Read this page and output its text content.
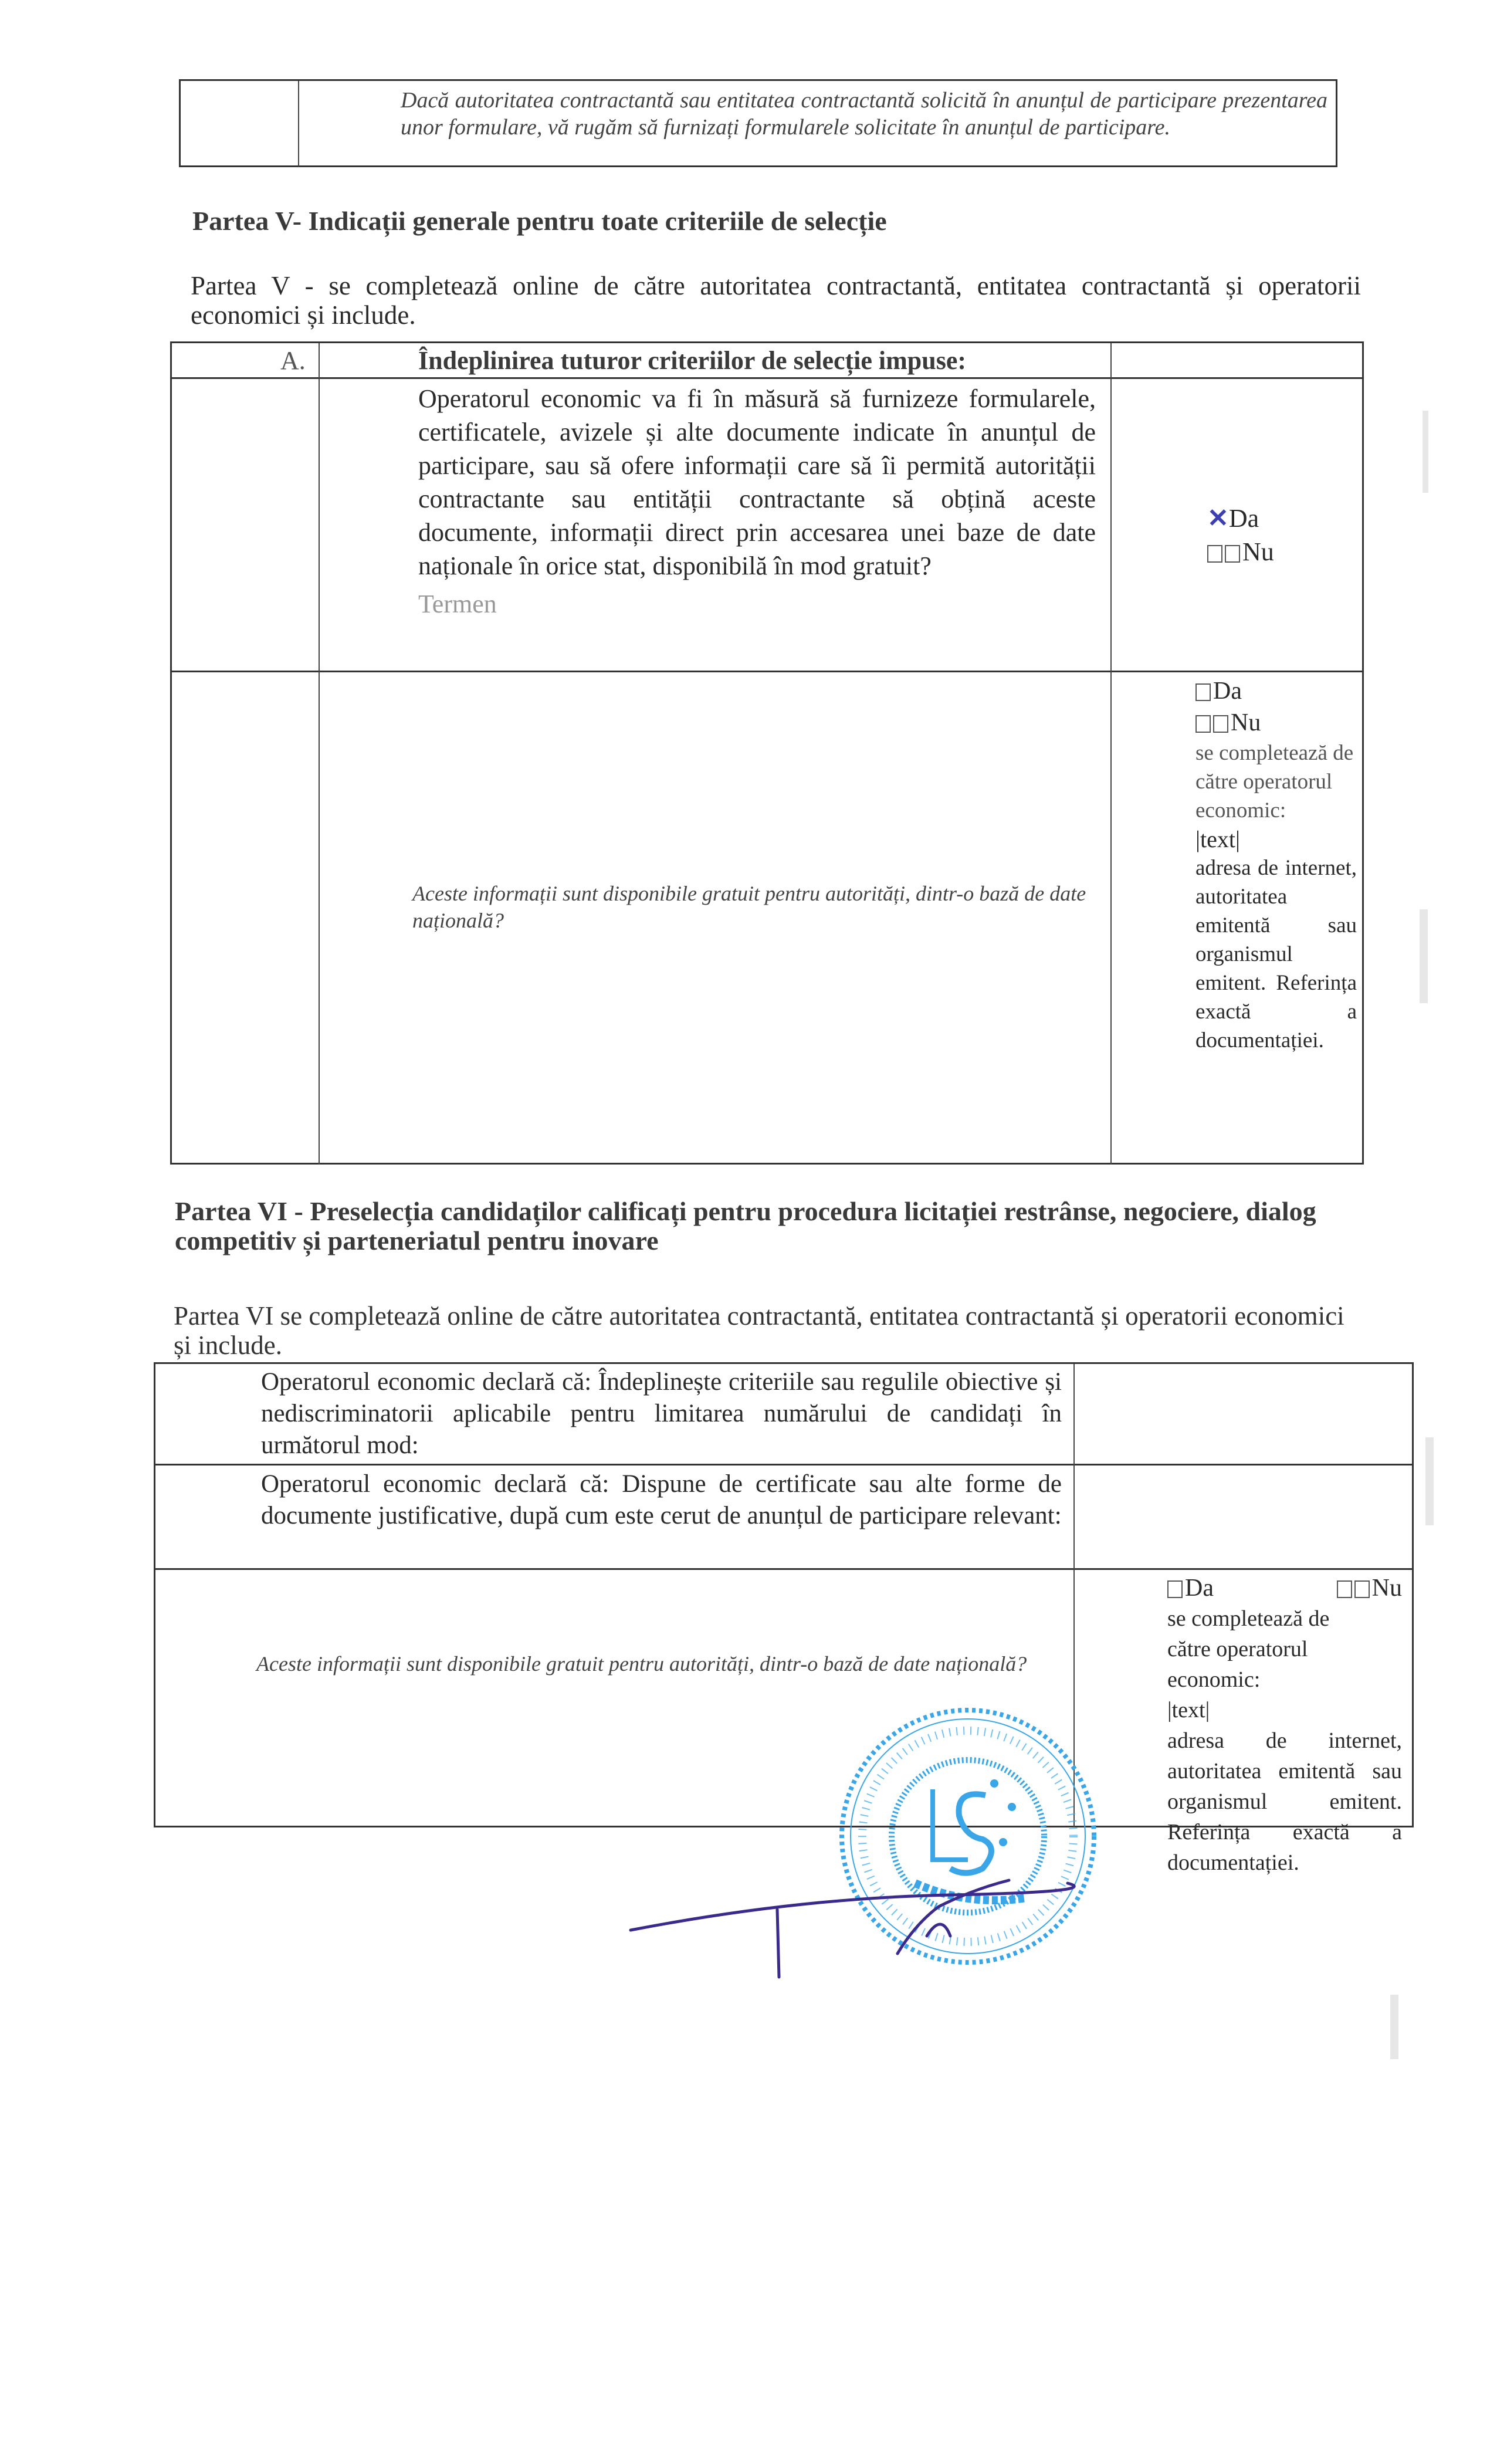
Dacă autoritatea contractantă sau entitatea contractantă solicită în anunțul de participare prezentarea unor formulare, vă rugăm să furnizați formularele solicitate în anunțul de participare.
Partea V- Indicații generale pentru toate criteriile de selecție
Partea V - se completează online de către autoritatea contractantă, entitatea contractantă și operatorii economici și include.
A.	Îndeplinirea tuturor criteriilor de selecție impuse:
Operatorul economic va fi în măsură să furnizeze formularele, certificatele, avizele și alte documente indicate în anunțul de participare, sau să ofere informații care să îi permită autorității contractante sau entității contractante să obțină aceste documente, informații direct prin accesarea unei baze de date naționale în orice stat, disponibilă în mod gratuit?
Termen
✕Da
Nu
Aceste informații sunt disponibile gratuit pentru autorități, dintr-o bază de date națională?
Da
Nu
se completează de către operatorul economic:
|text|
adresa de internet, autoritatea emitentă sau organismul emitent. Referința exactă a documentației.
Partea VI - Preselecția candidaților calificați pentru procedura licitației restrânse, negociere, dialog competitiv și parteneriatul pentru inovare
Partea VI se completează online de către autoritatea contractantă, entitatea contractantă și operatorii economici și include.
Operatorul economic declară că: Îndeplinește criteriile sau regulile obiective și nediscriminatorii aplicabile pentru limitarea numărului de candidați în următorul mod:
Operatorul economic declară că: Dispune de certificate sau alte forme de documente justificative, după cum este cerut de anunțul de participare relevant:
Aceste informații sunt disponibile gratuit pentru autorități, dintr-o bază de date națională?
Da	Nu
se completează de către operatorul economic:
|text|
adresa de internet, autoritatea emitentă sau organismul emitent. Referința exactă a documentației.
